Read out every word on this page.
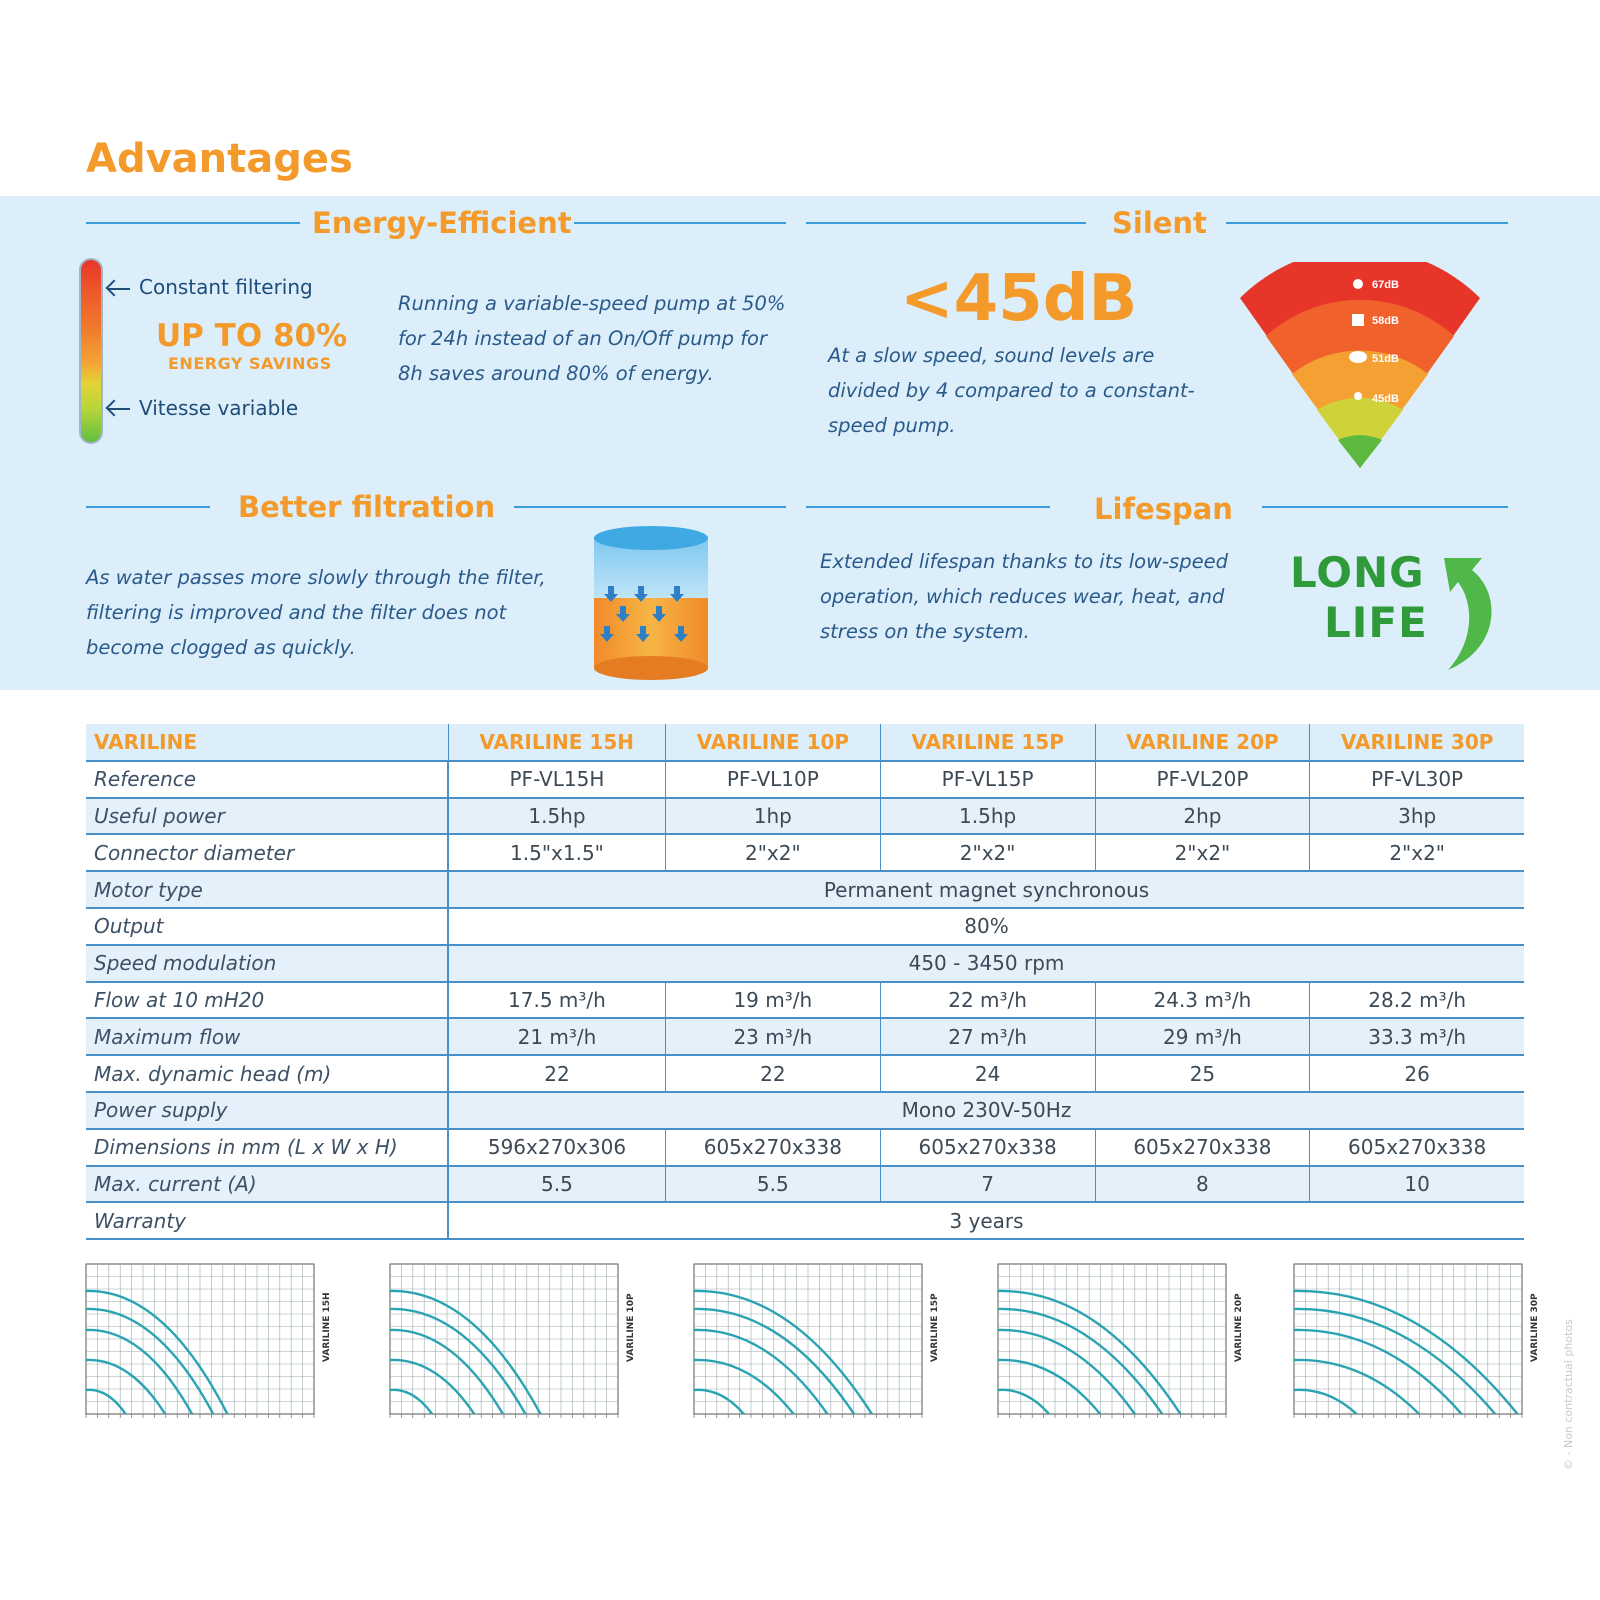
Advantages
Energy-Efficient
Constant filtering
UP TO 80%
ENERGY SAVINGS
Vitesse variable
Running a variable-speed pump at 50%
for 24h instead of an On/Off pump for
8h saves around 80% of energy.
Silent
<45dB
At a slow speed, sound levels are
divided by 4 compared to a constant-
speed pump.
67dB
58dB
51dB
45dB
Better filtration
As water passes more slowly through the filter,
filtering is improved and the filter does not
become clogged as quickly.
Lifespan
Extended lifespan thanks to its low-speed
operation, which reduces wear, heat, and
stress on the system.
LONG
LIFE
VARILINE	VARILINE 15H	VARILINE 10P	VARILINE 15P	VARILINE 20P	VARILINE 30P
Reference	PF-VL15H	PF-VL10P	PF-VL15P	PF-VL20P	PF-VL30P
Useful power	1.5hp	1hp	1.5hp	2hp	3hp
Connector diameter	1.5"x1.5"	2"x2"	2"x2"	2"x2"	2"x2"
Motor type	Permanent magnet synchronous				
Output	80%				
Speed modulation	450 - 3450 rpm				
Flow at 10 mH20	17.5 m³/h	19 m³/h	22 m³/h	24.3 m³/h	28.2 m³/h
Maximum flow	21 m³/h	23 m³/h	27 m³/h	29 m³/h	33.3 m³/h
Max. dynamic head (m)	22	22	24	25	26
Power supply	Mono 230V-50Hz				
Dimensions in mm (L x W x H)	596x270x306	605x270x338	605x270x338	605x270x338	605x270x338
Max. current (A)	5.5	5.5	7	8	10
Warranty	3 years				
VARILINE 15H	VARILINE 10P	VARILINE 15P	VARILINE 20P	VARILINE 30P © - Non contractual photos
